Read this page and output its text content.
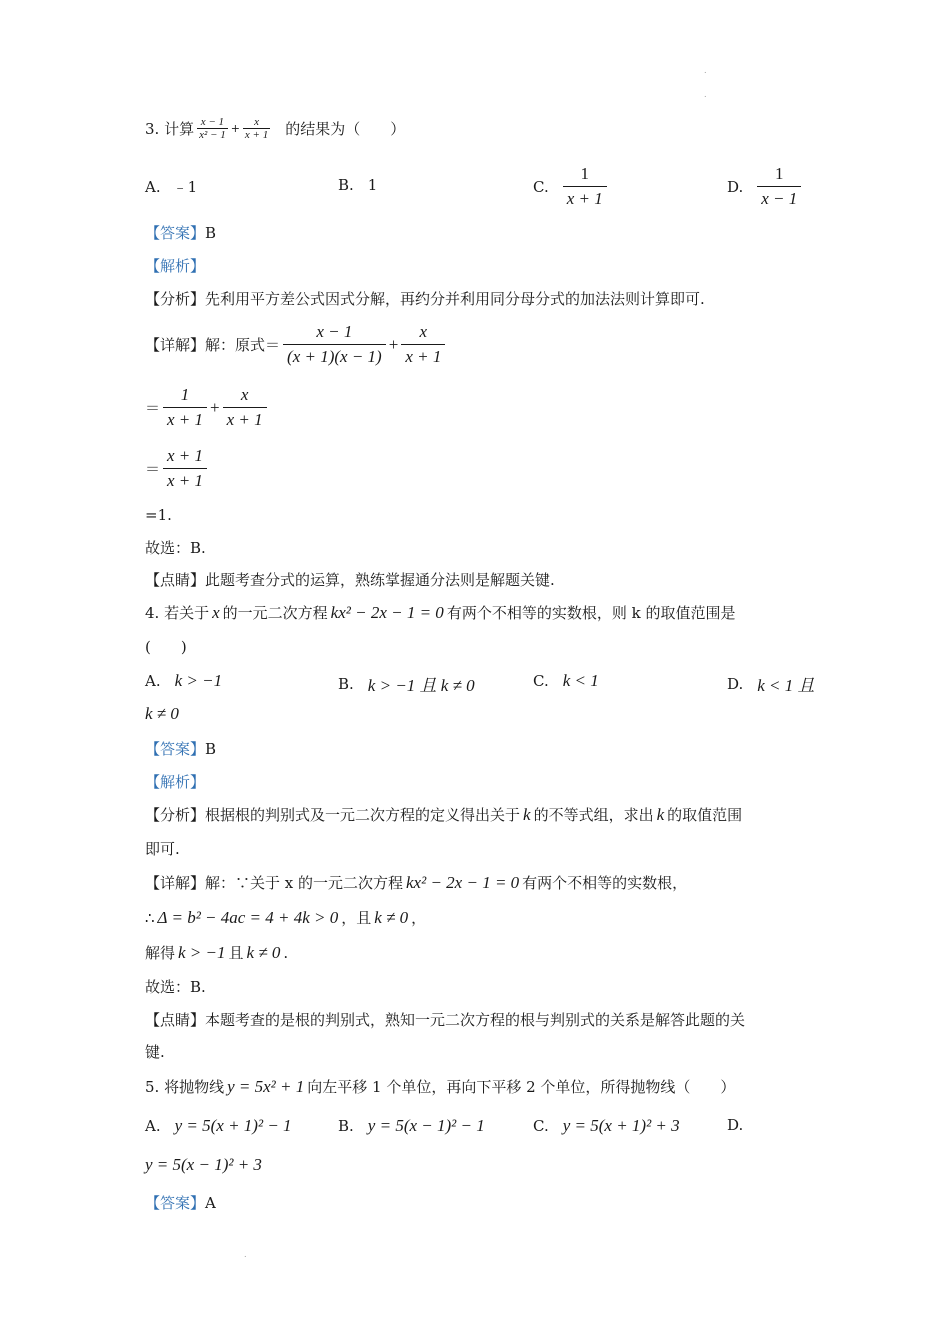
.
.
.
3. 计算 $\frac{x - 1}{\text{x² − 1}} + \frac{x}{x + 1}$ 的结果为（　　）
A. ﹣1	B. 1	C. $\frac{1}{x + 1}$	D. $\frac{1}{x - 1}$
【答案】 B
【解析】
【分析】 先利用平方差公式因式分解，再约分并利用同分母分式的加法法则计算即可.
【详解】 解：原式＝ $\frac{x - 1}{(x + 1)(x - 1)} + \frac{x}{x + 1}$
＝ $\frac{1}{x + 1} + \frac{x}{x + 1}$
＝ $\frac{x + 1}{x + 1}$
=1.
故选：B.
【点睛】 此题考查分式的运算，熟练掌握通分法则是解题关键.
4. 若关于 x 的一元二次方程 kx² − 2x − 1 = 0 有两个不相等的实数根，则 k 的取值范围是
(　　)
A. k > −1	B. k > −1 且 k ≠ 0	C. k < 1	D. k < 1 且
k ≠ 0
【答案】 B
【解析】
【分析】 根据根的判别式及一元二次方程的定义得出关于 k 的不等式组，求出 k 的取值范围
即可.
【详解】 解：∵关于 x 的一元二次方程 kx² − 2x − 1 = 0 有两个不相等的实数根，
∴ Δ = b² − 4ac = 4 + 4k > 0 ，且 k ≠ 0 ，
解得 k > −1 且 k ≠ 0 .
故选：B.
【点睛】 本题考查的是根的判别式，熟知一元二次方程的根与判别式的关系是解答此题的关
键.
5. 将抛物线 y = 5x² + 1 向左平移 1 个单位，再向下平移 2 个单位，所得抛物线（　　）
A. y = 5(x + 1)² − 1	B. y = 5(x − 1)² − 1	C. y = 5(x + 1)² + 3	D.
y = 5(x − 1)² + 3
【答案】 A
